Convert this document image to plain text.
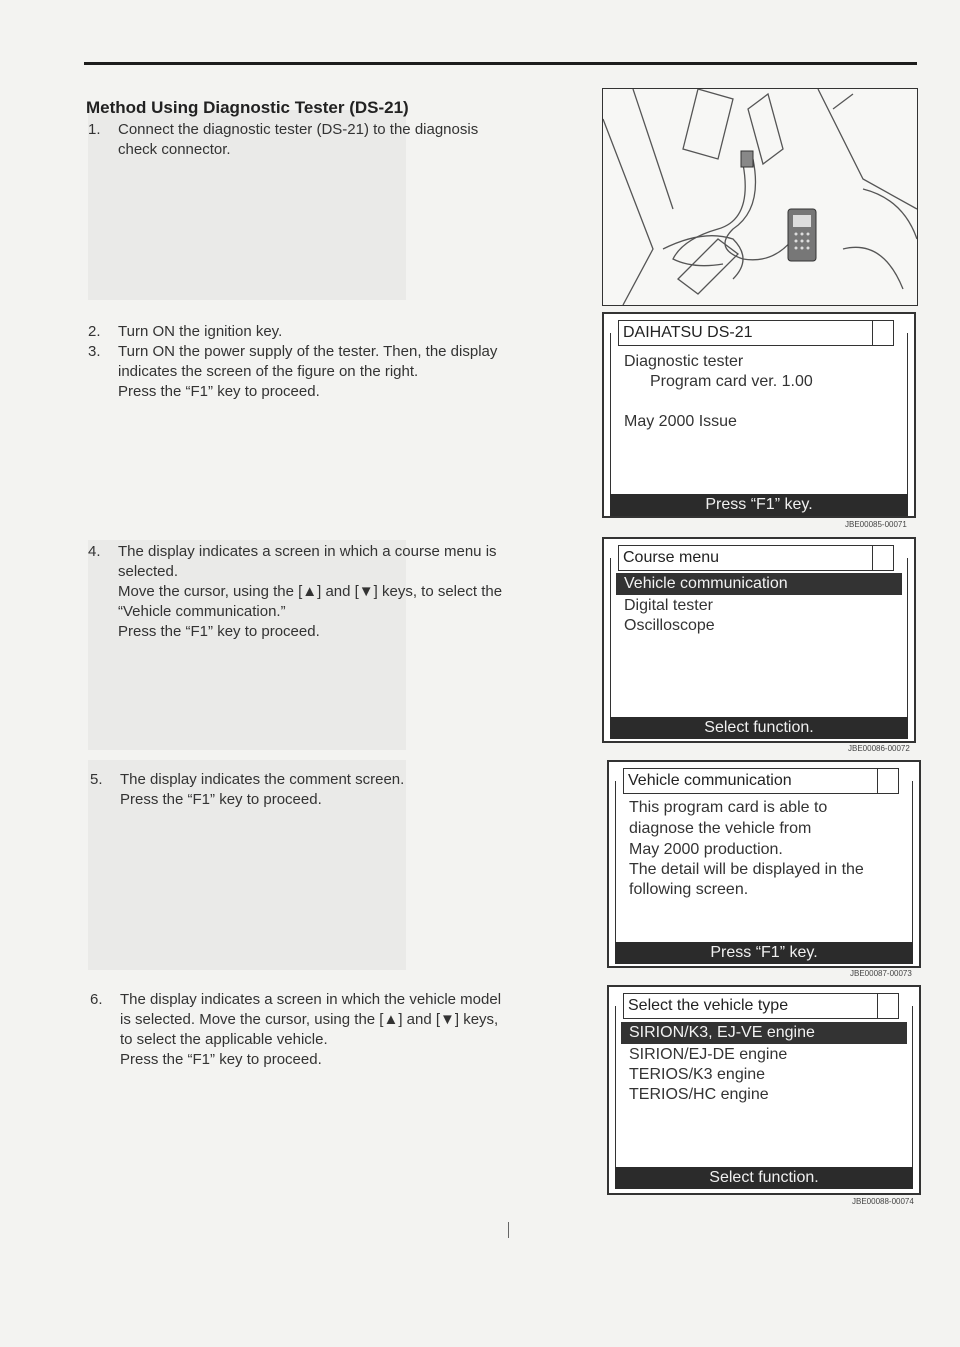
Method Using Diagnostic Tester (DS-21)
1. Connect the diagnostic tester (DS-21) to the diagnosis
check connector.
2. Turn ON the ignition key.
3. Turn ON the power supply of the tester. Then, the display
indicates the screen of the figure on the right.
Press the “F1” key to proceed.
4. The display indicates a screen in which a course menu is
selected.
Move the cursor, using the [▲] and [▼] keys, to select the
“Vehicle communication.”
Press the “F1” key to proceed.
5. The display indicates the comment screen.
Press the “F1” key to proceed.
6. The display indicates a screen in which the vehicle model
is selected. Move the cursor, using the [▲] and [▼] keys,
to select the applicable vehicle.
Press the “F1” key to proceed.
DAIHATSU DS-21
Diagnostic tester
Program card ver. 1.00
May 2000 Issue
Press “F1” key.
JBE00085-00071
Course menu
Vehicle communication
Digital tester
Oscilloscope
Select function.
JBE00086-00072
Vehicle communication
This program card is able to
diagnose the vehicle from
May 2000 production.
The detail will be displayed in the
following screen.
Press “F1” key.
JBE00087-00073
Select the vehicle type
SIRION/K3, EJ-VE engine
SIRION/EJ-DE engine
TERIOS/K3 engine
TERIOS/HC engine
Select function.
JBE00088-00074
